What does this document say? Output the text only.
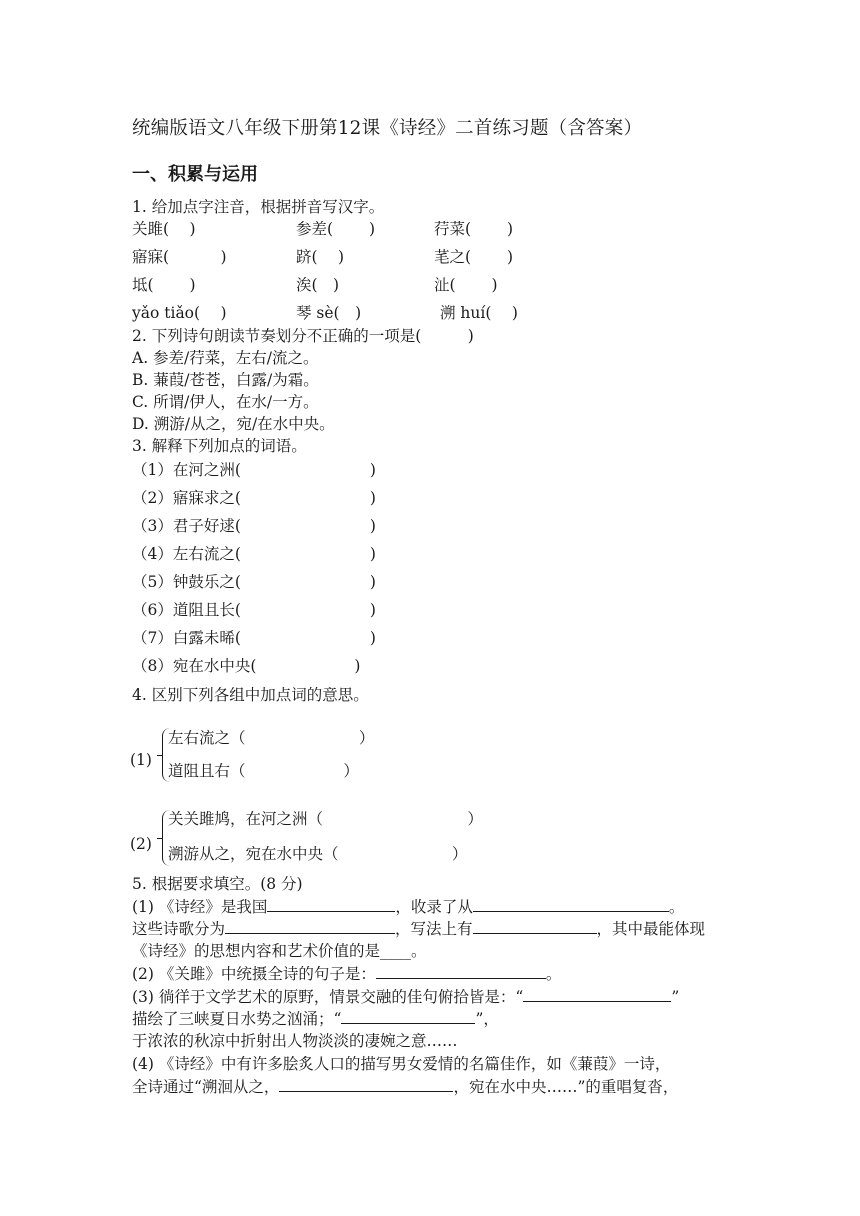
统编版语文八年级下册第12课《诗经》二首练习题（含答案）
一、积累与运用
1. 给加点字注音，根据拼音写汉字。
关雎(　 )	参差(　　 )	荇菜(　　 )
寤寐(　　　 )	跻(　 )	芼之(　　 )
坻(　　 )	涘(　)	沚(　　 )
yǎo tiǎo(　 )	琴 sè(　)	溯 huí(　 )
2. 下列诗句朗读节奏划分不正确的一项是(　　　)
A. 参差/荇菜，左右/流之。
B. 蒹葭/苍苍，白露/为霜。
C. 所谓/伊人，在水/一方。
D. 溯游/从之，宛/在水中央。
3. 解释下列加点的词语。
（1）在河之洲(　　　　　　　　 )
（2）寤寐求之(　　　　　　　　 )
（3）君子好逑(　　　　　　　　 )
（4）左右流之(　　　　　　　　 )
（5）钟鼓乐之(　　　　　　　　 )
（6）道阻且长(　　　　　　　　 )
（7）白露未晞(　　　　　　　　 )
（8）宛在水中央(　　　　　　 )
4. 区别下列各组中加点词的意思。
(1)
左右流之（　　　　　　　 ）
道阻且右（　　　　　　 ）
(2)
关关雎鸠，在河之洲（　　　　　　　　　 ）
溯游从之，宛在水中央（　　　　　　　 ）
5. 根据要求填空。(8 分)
(1) 《诗经》是我国	，收录了从	。
这些诗歌分为	，写法上有	，其中最能体现
《诗经》的思想内容和艺术价值的是____。
(2) 《关雎》中统摄全诗的句子是：	。
(3) 徜徉于文学艺术的原野，情景交融的佳句俯拾皆是：“	”
描绘了三峡夏日水势之汹涌；“	”，
于浓浓的秋凉中折射出人物淡淡的凄婉之意……
(4) 《诗经》中有许多脍炙人口的描写男女爱情的名篇佳作，如《蒹葭》一诗，
全诗通过“溯洄从之，	，宛在水中央……”的重唱复沓，
